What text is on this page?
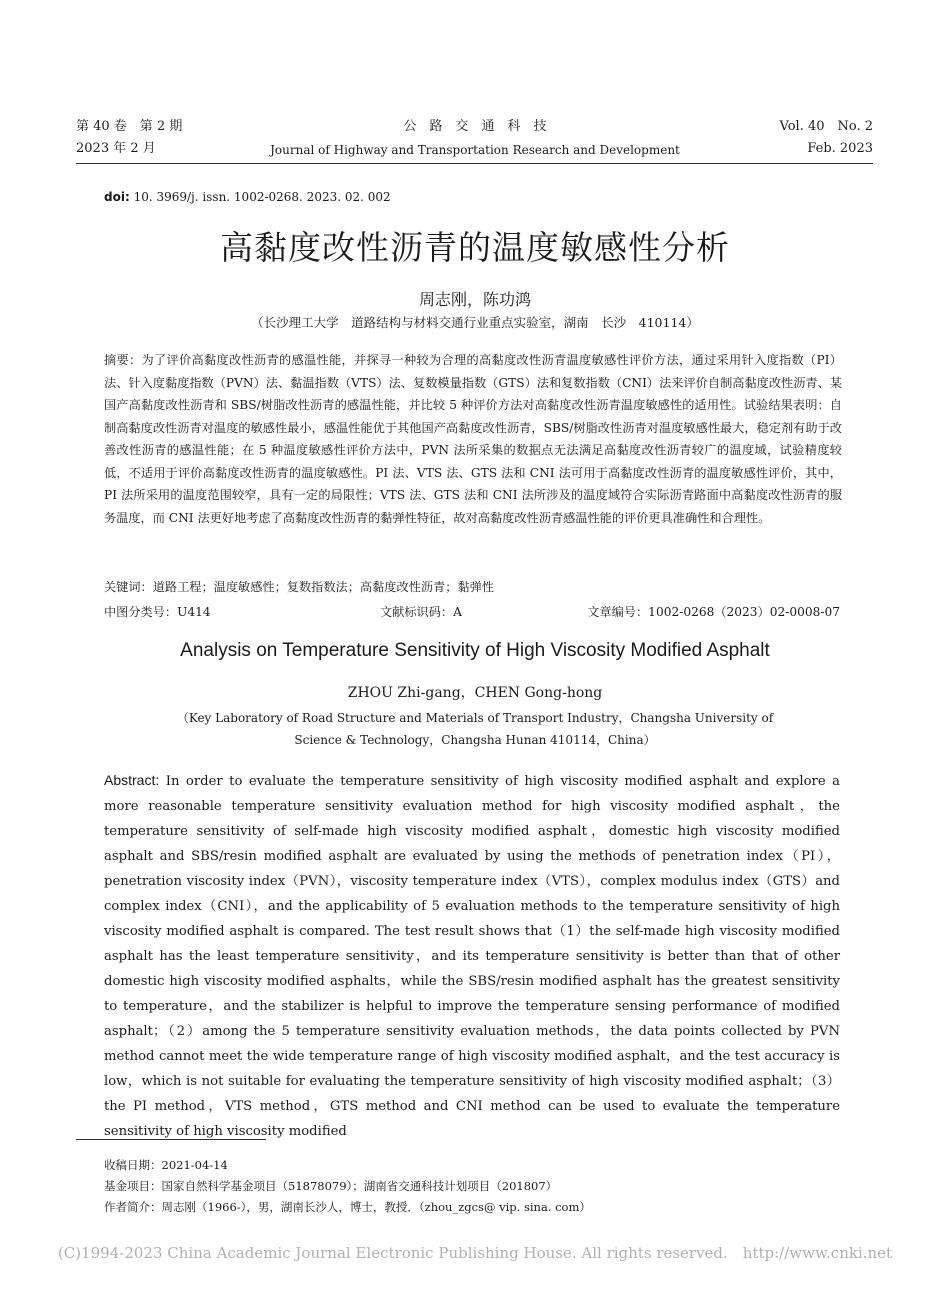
第 40 卷　第 2 期
2023 年 2 月
公　路　交　通　科　技
Journal of Highway and Transportation Research and Development
Vol. 40　No. 2
Feb. 2023
doi: 10. 3969/j. issn. 1002-0268. 2023. 02. 002
高黏度改性沥青的温度敏感性分析
周志刚，陈功鸿
（长沙理工大学　道路结构与材料交通行业重点实验室，湖南　长沙　410114）

摘要：为了评价高黏度改性沥青的感温性能，并探寻一种较为合理的高黏度改性沥青温度敏感性评价方法，通过采用针入度指数（PI）法、针入度黏度指数（PVN）法、黏温指数（VTS）法、复数模量指数（GTS）法和复数指数（CNI）法来评价自制高黏度改性沥青、某国产高黏度改性沥青和 SBS/树脂改性沥青的感温性能，并比较 5 种评价方法对高黏度改性沥青温度敏感性的适用性。试验结果表明：自制高黏度改性沥青对温度的敏感性最小，感温性能优于其他国产高黏度改性沥青，SBS/树脂改性沥青对温度敏感性最大，稳定剂有助于改善改性沥青的感温性能；在 5 种温度敏感性评价方法中，PVN 法所采集的数据点无法满足高黏度改性沥青较广的温度域，试验精度较低，不适用于评价高黏度改性沥青的温度敏感性。PI 法、VTS 法、GTS 法和 CNI 法可用于高黏度改性沥青的温度敏感性评价，其中，PI 法所采用的温度范围较窄，具有一定的局限性；VTS 法、GTS 法和 CNI 法所涉及的温度域符合实际沥青路面中高黏度改性沥青的服务温度，而 CNI 法更好地考虑了高黏度改性沥青的黏弹性特征，故对高黏度改性沥青感温性能的评价更具准确性和合理性。

关键词：道路工程；温度敏感性；复数指数法；高黏度改性沥青；黏弹性
中图分类号：U414	文献标识码：A	文章编号：1002-0268（2023）02-0008-07
Analysis on Temperature Sensitivity of High Viscosity Modified Asphalt
ZHOU Zhi-gang，CHEN Gong-hong
（Key Laboratory of Road Structure and Materials of Transport Industry，Changsha University of
Science & Technology，Changsha Hunan 410114，China）

Abstract: In order to evaluate the temperature sensitivity of high viscosity modified asphalt and explore a more reasonable temperature sensitivity evaluation method for high viscosity modified asphalt，the temperature sensitivity of self-made high viscosity modified asphalt，domestic high viscosity modified asphalt and SBS/resin modified asphalt are evaluated by using the methods of penetration index（PI），penetration viscosity index（PVN），viscosity temperature index（VTS），complex modulus index（GTS）and complex index（CNI），and the applicability of 5 evaluation methods to the temperature sensitivity of high viscosity modified asphalt is compared. The test result shows that（1）the self-made high viscosity modified asphalt has the least temperature sensitivity，and its temperature sensitivity is better than that of other domestic high viscosity modified asphalts，while the SBS/resin modified asphalt has the greatest sensitivity to temperature，and the stabilizer is helpful to improve the temperature sensing performance of modified asphalt；（2）among the 5 temperature sensitivity evaluation methods，the data points collected by PVN method cannot meet the wide temperature range of high viscosity modified asphalt，and the test accuracy is low，which is not suitable for evaluating the temperature sensitivity of high viscosity modified asphalt；（3）the PI method，VTS method，GTS method and CNI method can be used to evaluate the temperature sensitivity of high viscosity modified

收稿日期：2021-04-14
基金项目：国家自然科学基金项目（51878079）；湖南省交通科技计划项目（201807）
作者简介：周志刚（1966-），男，湖南长沙人，博士，教授．（zhou_zgcs@ vip. sina. com）
(C)1994-2023 China Academic Journal Electronic Publishing House. All rights reserved.　http://www.cnki.net
